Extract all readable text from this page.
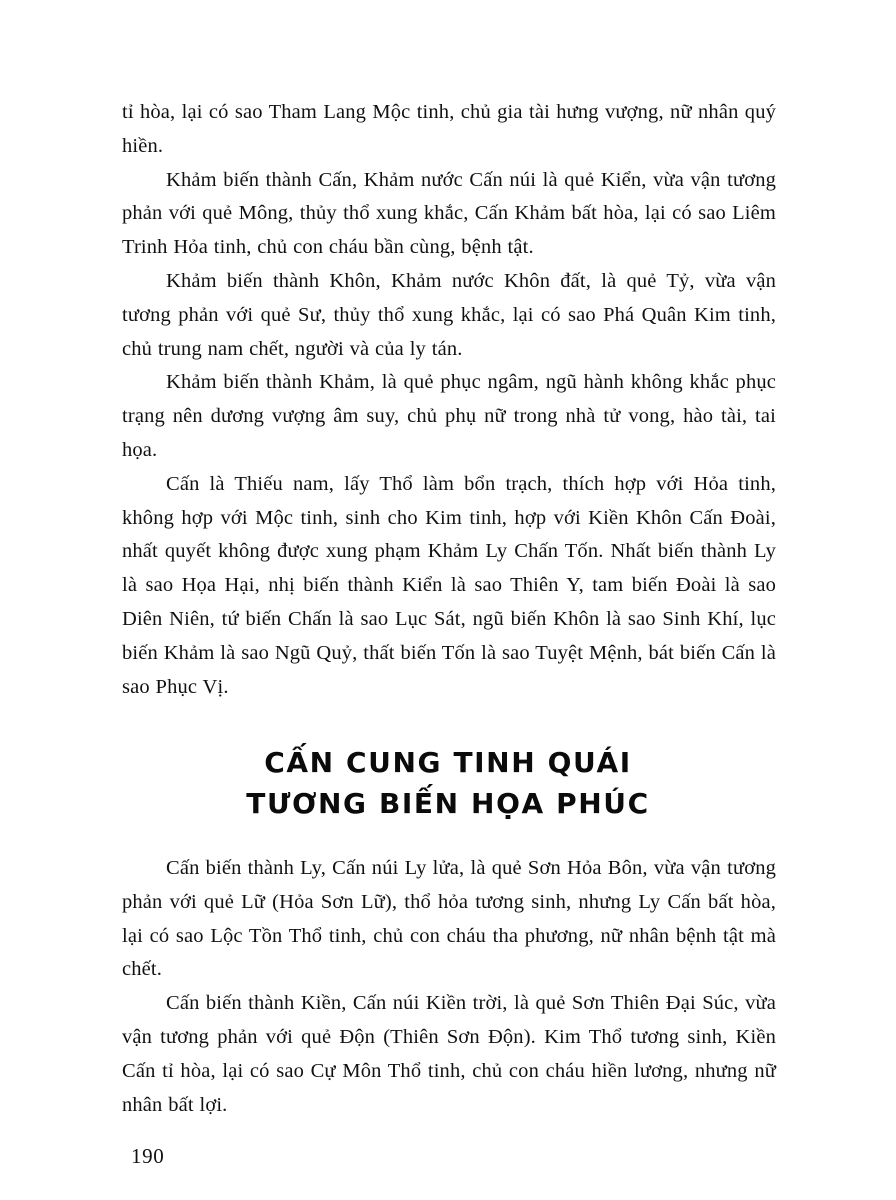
tỉ hòa, lại có sao Tham Lang Mộc tinh, chủ gia tài hưng vượng, nữ nhân quý hiền.

Khảm biến thành Cấn, Khảm nước Cấn núi là quẻ Kiển, vừa vận tương phản với quẻ Mông, thủy thổ xung khắc, Cấn Khảm bất hòa, lại có sao Liêm Trinh Hỏa tinh, chủ con cháu bần cùng, bệnh tật.

Khảm biến thành Khôn, Khảm nước Khôn đất, là quẻ Tỷ, vừa vận tương phản với quẻ Sư, thủy thổ xung khắc, lại có sao Phá Quân Kim tinh, chủ trung nam chết, người và của ly tán.

Khảm biến thành Khảm, là quẻ phục ngâm, ngũ hành không khắc phục trạng nên dương vượng âm suy, chủ phụ nữ trong nhà tử vong, hào tài, tai họa.

Cấn là Thiếu nam, lấy Thổ làm bổn trạch, thích hợp với Hỏa tinh, không hợp với Mộc tinh, sinh cho Kim tinh, hợp với Kiền Khôn Cấn Đoài, nhất quyết không được xung phạm Khảm Ly Chấn Tốn. Nhất biến thành Ly là sao Họa Hại, nhị biến thành Kiển là sao Thiên Y, tam biến Đoài là sao Diên Niên, tứ biến Chấn là sao Lục Sát, ngũ biến Khôn là sao Sinh Khí, lục biến Khảm là sao Ngũ Quỷ, thất biến Tốn là sao Tuyệt Mệnh, bát biến Cấn là sao Phục Vị.

CẤN CUNG TINH QUÁI
TƯƠNG BIẾN HỌA PHÚC

Cấn biến thành Ly, Cấn núi Ly lửa, là quẻ Sơn Hỏa Bôn, vừa vận tương phản với quẻ Lữ (Hỏa Sơn Lữ), thổ hỏa tương sinh, nhưng Ly Cấn bất hòa, lại có sao Lộc Tồn Thổ tinh, chủ con cháu tha phương, nữ nhân bệnh tật mà chết.

Cấn biến thành Kiền, Cấn núi Kiền trời, là quẻ Sơn Thiên Đại Súc, vừa vận tương phản với quẻ Độn (Thiên Sơn Độn). Kim Thổ tương sinh, Kiền Cấn tỉ hòa, lại có sao Cự Môn Thổ tinh, chủ con cháu hiền lương, nhưng nữ nhân bất lợi.

190
